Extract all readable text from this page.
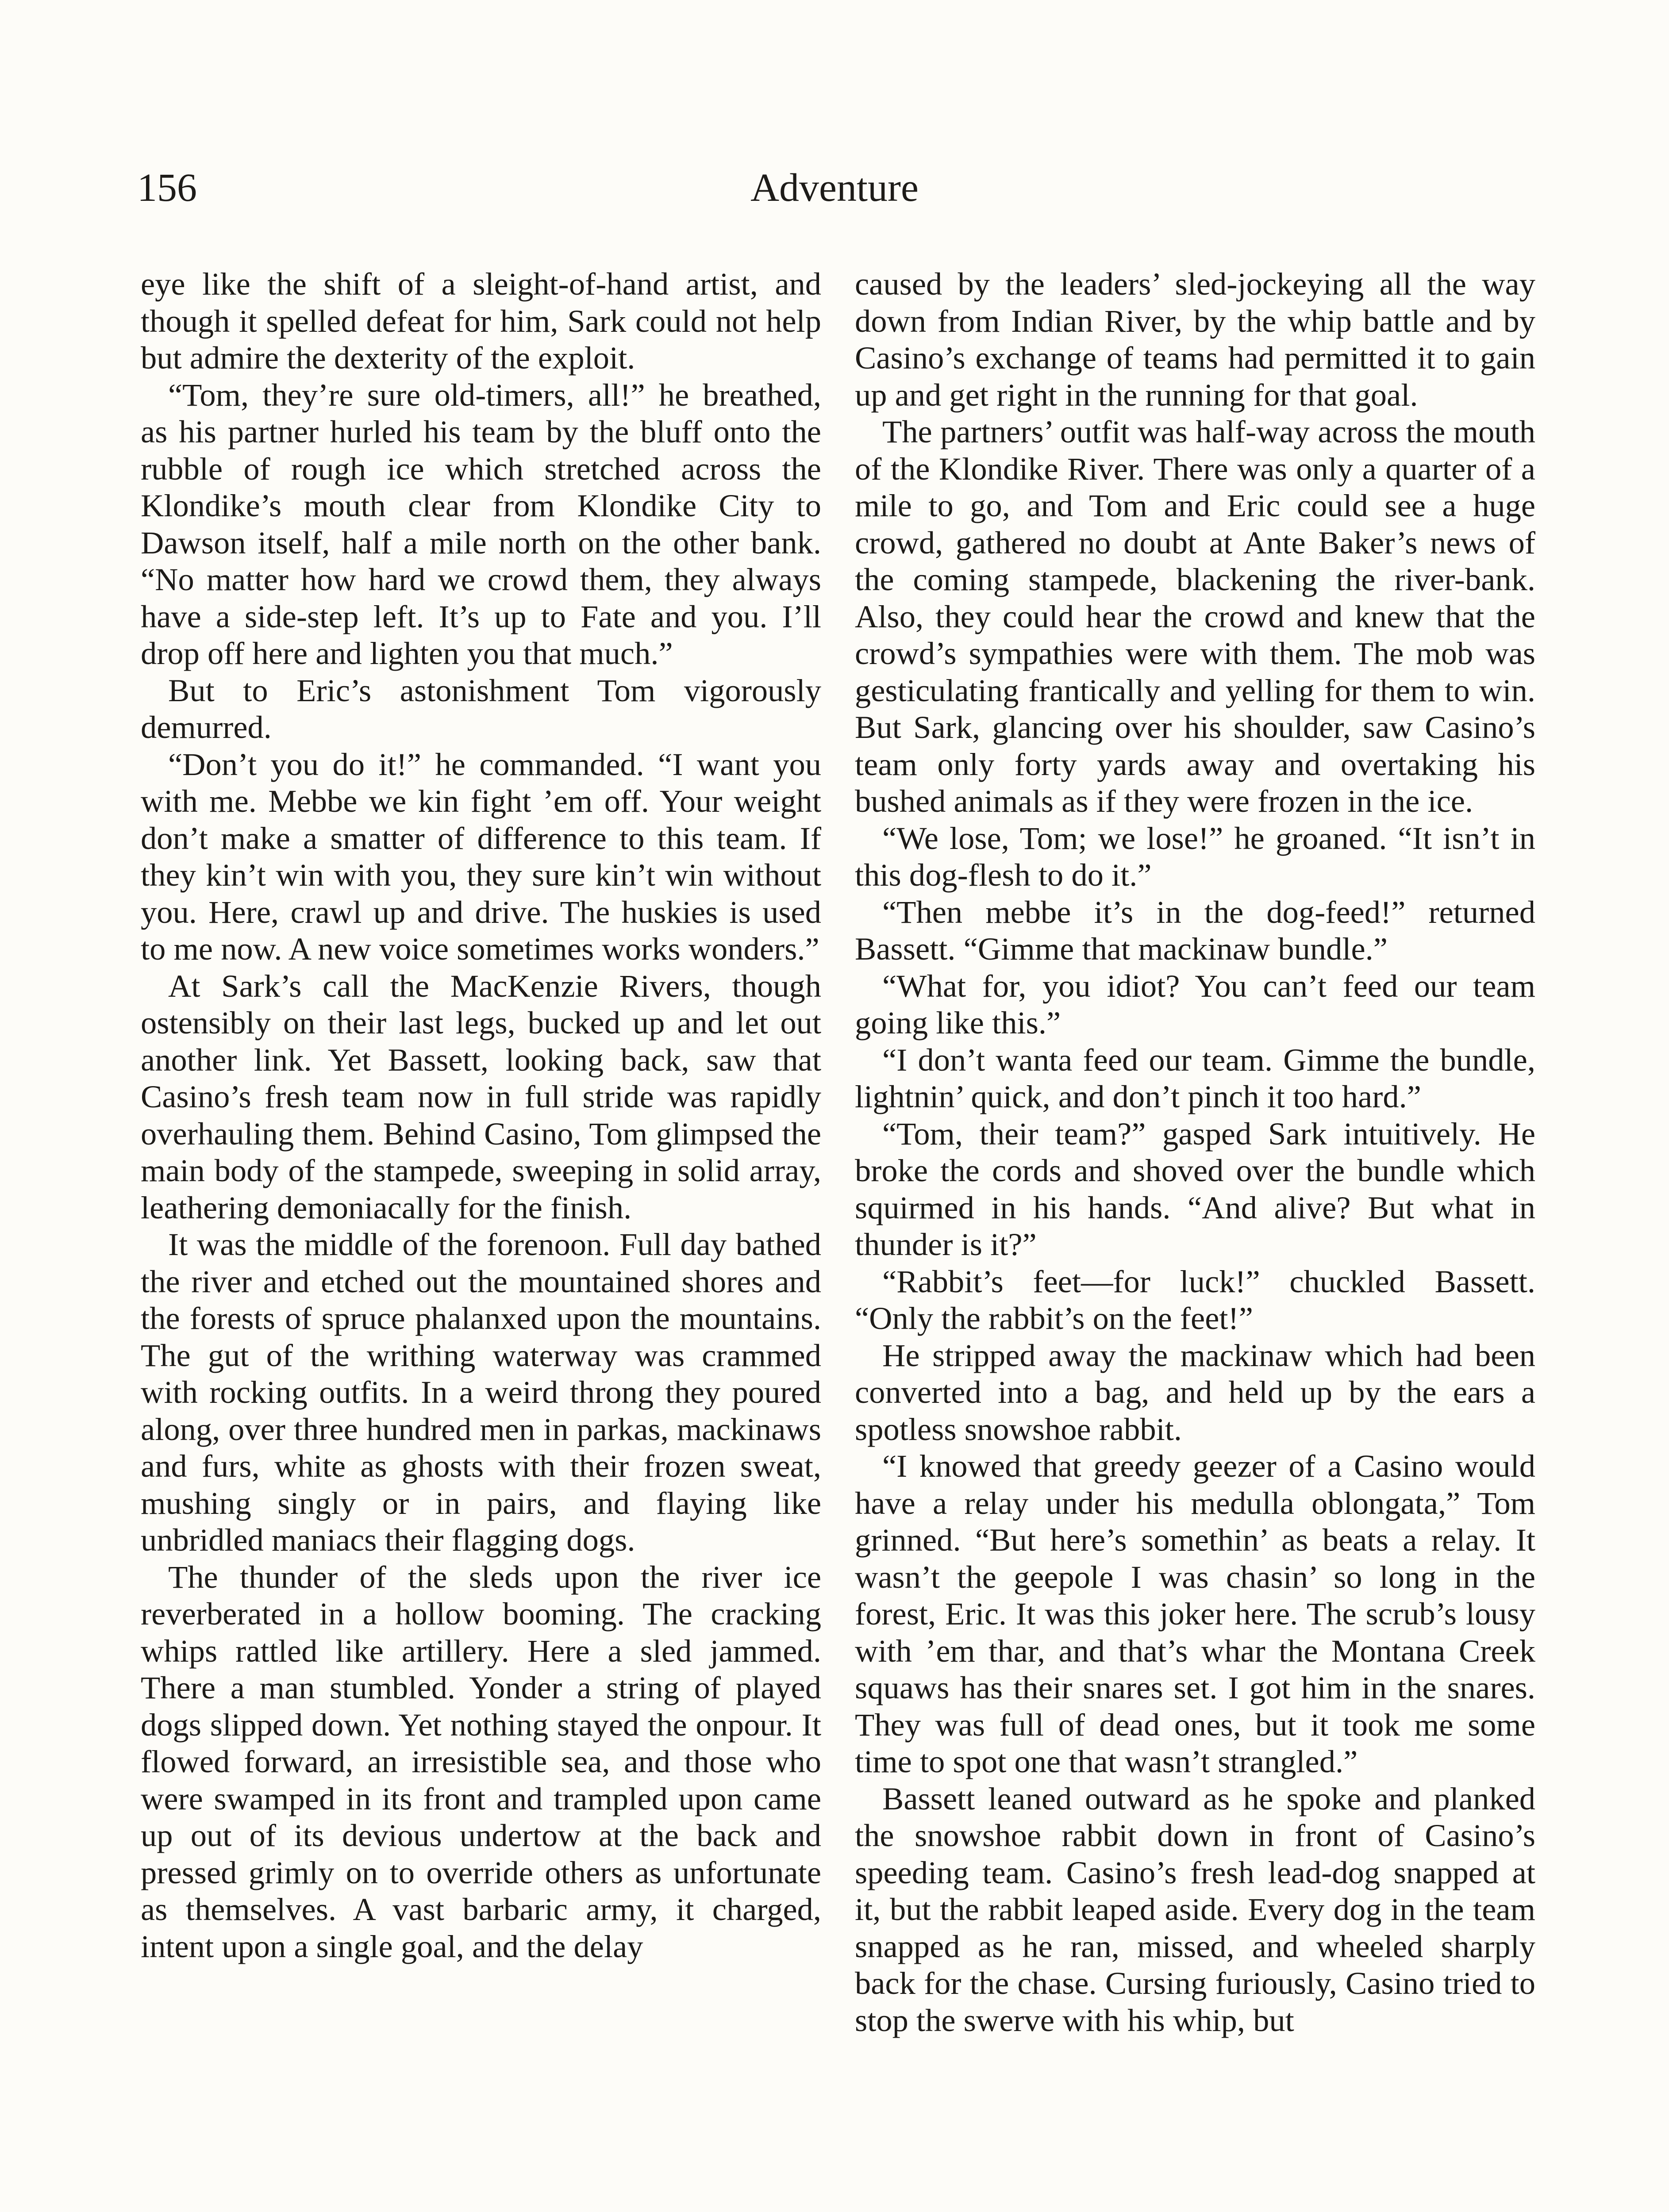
156	Adventure

eye like the shift of a sleight-of-hand artist, and though it spelled defeat for him, Sark could not help but admire the dexterity of the exploit.

“Tom, they’re sure old-timers, all!” he breathed, as his partner hurled his team by the bluff onto the rubble of rough ice which stretched across the Klondike’s mouth clear from Klondike City to Dawson itself, half a mile north on the other bank. “No matter how hard we crowd them, they always have a side-step left. It’s up to Fate and you. I’ll drop off here and lighten you that much.”

But to Eric’s astonishment Tom vigorously demurred.

“Don’t you do it!” he commanded. “I want you with me. Mebbe we kin fight ’em off. Your weight don’t make a smatter of difference to this team. If they kin’t win with you, they sure kin’t win without you. Here, crawl up and drive. The huskies is used to me now. A new voice sometimes works wonders.”

At Sark’s call the MacKenzie Rivers, though ostensibly on their last legs, bucked up and let out another link. Yet Bassett, looking back, saw that Casino’s fresh team now in full stride was rapidly overhauling them. Behind Casino, Tom glimpsed the main body of the stampede, sweeping in solid array, leathering demoniacally for the finish.

It was the middle of the forenoon. Full day bathed the river and etched out the mountained shores and the forests of spruce phalanxed upon the mountains. The gut of the writhing waterway was crammed with rocking outfits. In a weird throng they poured along, over three hundred men in parkas, mackinaws and furs, white as ghosts with their frozen sweat, mushing singly or in pairs, and flaying like unbridled maniacs their flagging dogs.

The thunder of the sleds upon the river ice reverberated in a hollow booming. The cracking whips rattled like artillery. Here a sled jammed. There a man stumbled. Yonder a string of played dogs slipped down. Yet nothing stayed the onpour. It flowed forward, an irresistible sea, and those who were swamped in its front and trampled upon came up out of its devious undertow at the back and pressed grimly on to override others as unfortunate as themselves. A vast barbaric army, it charged, intent upon a single goal, and the delay

caused by the leaders’ sled-jockeying all the way down from Indian River, by the whip battle and by Casino’s exchange of teams had permitted it to gain up and get right in the running for that goal.

The partners’ outfit was half-way across the mouth of the Klondike River. There was only a quarter of a mile to go, and Tom and Eric could see a huge crowd, gathered no doubt at Ante Baker’s news of the coming stampede, blackening the river-bank. Also, they could hear the crowd and knew that the crowd’s sympathies were with them. The mob was gesticulating frantically and yelling for them to win. But Sark, glancing over his shoulder, saw Casino’s team only forty yards away and overtaking his bushed animals as if they were frozen in the ice.

“We lose, Tom; we lose!” he groaned. “It isn’t in this dog-flesh to do it.”

“Then mebbe it’s in the dog-feed!” returned Bassett. “Gimme that mackinaw bundle.”

“What for, you idiot? You can’t feed our team going like this.”

“I don’t wanta feed our team. Gimme the bundle, lightnin’ quick, and don’t pinch it too hard.”

“Tom, their team?” gasped Sark intuitively. He broke the cords and shoved over the bundle which squirmed in his hands. “And alive? But what in thunder is it?”

“Rabbit’s feet—for luck!” chuckled Bassett. “Only the rabbit’s on the feet!”

He stripped away the mackinaw which had been converted into a bag, and held up by the ears a spotless snowshoe rabbit.

“I knowed that greedy geezer of a Casino would have a relay under his medulla oblongata,” Tom grinned. “But here’s somethin’ as beats a relay. It wasn’t the geepole I was chasin’ so long in the forest, Eric. It was this joker here. The scrub’s lousy with ’em thar, and that’s whar the Montana Creek squaws has their snares set. I got him in the snares. They was full of dead ones, but it took me some time to spot one that wasn’t strangled.”

Bassett leaned outward as he spoke and planked the snowshoe rabbit down in front of Casino’s speeding team. Casino’s fresh lead-dog snapped at it, but the rabbit leaped aside. Every dog in the team snapped as he ran, missed, and wheeled sharply back for the chase. Cursing furiously, Casino tried to stop the swerve with his whip, but
